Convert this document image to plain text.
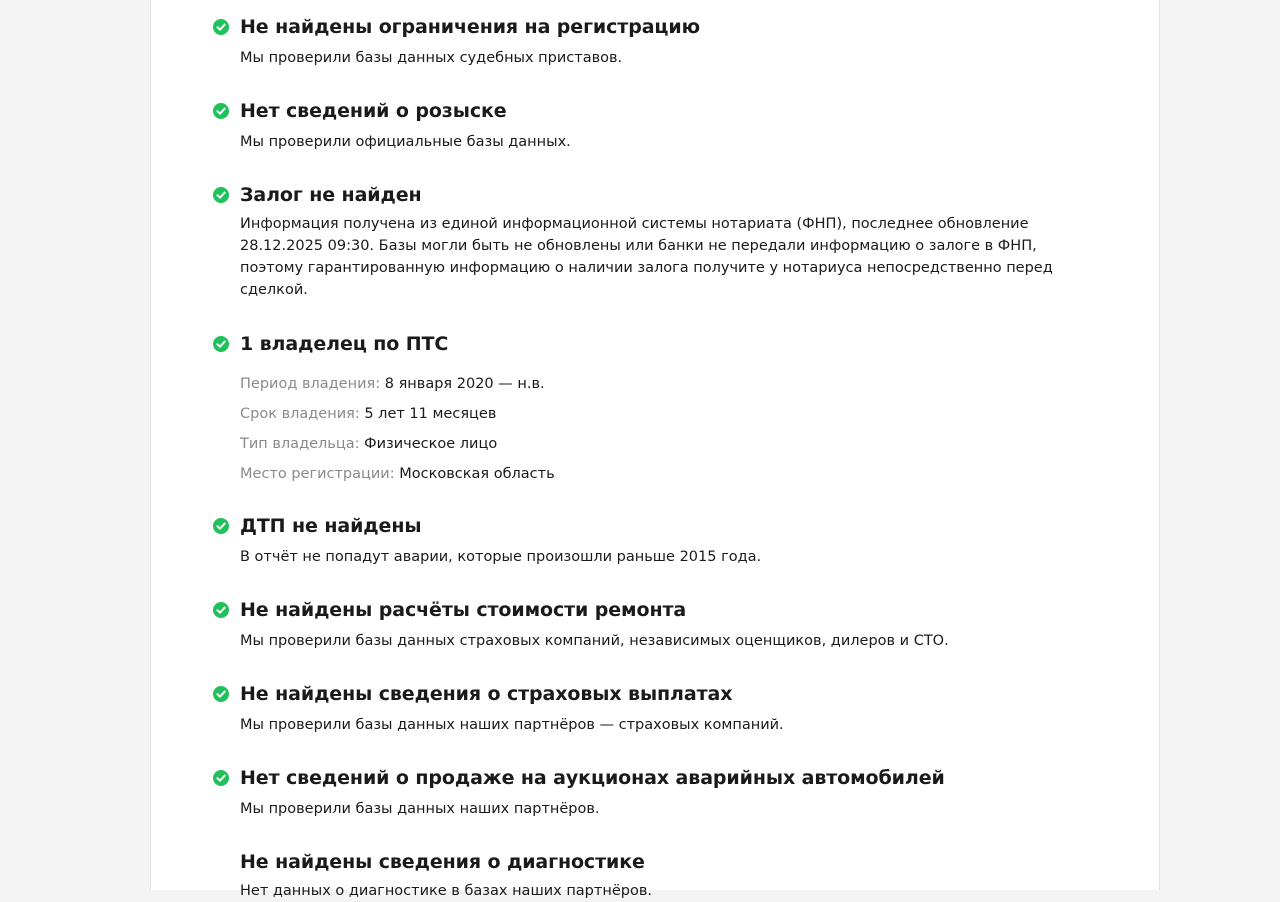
Не найдены ограничения на регистрацию
Мы проверили базы данных судебных приставов.
Нет сведений о розыске
Мы проверили официальные базы данных.
Залог не найден
Информация получена из единой информационной системы нотариата (ФНП), последнее обновление 28.12.2025 09:30. Базы могли быть не обновлены или банки не передали информацию о залоге в ФНП, поэтому гарантированную информацию о наличии залога получите у нотариуса непосредственно перед сделкой.
1 владелец по ПТС
Период владения: 8 января 2020 — н.в.
Срок владения: 5 лет 11 месяцев
Тип владельца: Физическое лицо
Место регистрации: Московская область
ДТП не найдены
В отчёт не попадут аварии, которые произошли раньше 2015 года.
Не найдены расчёты стоимости ремонта
Мы проверили базы данных страховых компаний, независимых оценщиков, дилеров и СТО.
Не найдены сведения о страховых выплатах
Мы проверили базы данных наших партнёров — страховых компаний.
Нет сведений о продаже на аукционах аварийных автомобилей
Мы проверили базы данных наших партнёров.
Не найдены сведения о диагностике
Нет данных о диагностике в базах наших партнёров.
